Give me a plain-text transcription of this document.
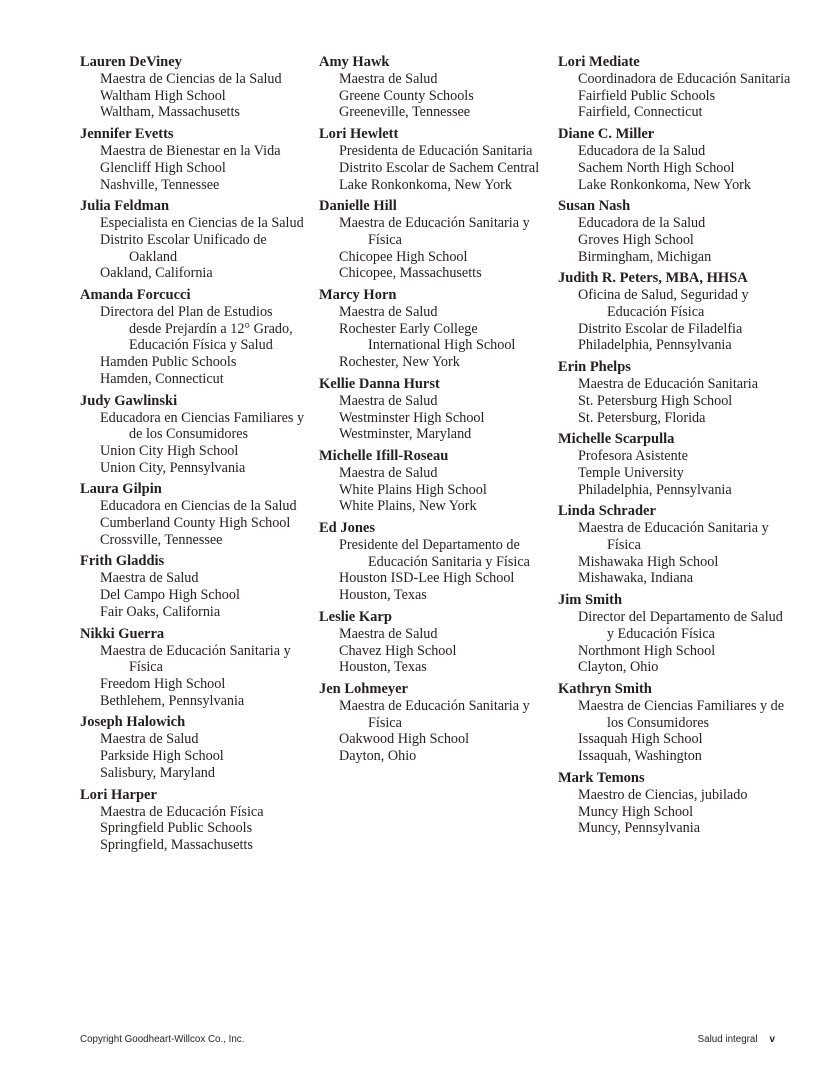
Lauren DeViney
Maestra de Ciencias de la Salud
Waltham High School
Waltham, Massachusetts
Jennifer Evetts
Maestra de Bienestar en la Vida
Glencliff High School
Nashville, Tennessee
Julia Feldman
Especialista en Ciencias de la Salud
Distrito Escolar Unificado de Oakland
Oakland, California
Amanda Forcucci
Directora del Plan de Estudios desde Prejardín a 12° Grado, Educación Física y Salud
Hamden Public Schools
Hamden, Connecticut
Judy Gawlinski
Educadora en Ciencias Familiares y de los Consumidores
Union City High School
Union City, Pennsylvania
Laura Gilpin
Educadora en Ciencias de la Salud
Cumberland County High School
Crossville, Tennessee
Frith Gladdis
Maestra de Salud
Del Campo High School
Fair Oaks, California
Nikki Guerra
Maestra de Educación Sanitaria y Física
Freedom High School
Bethlehem, Pennsylvania
Joseph Halowich
Maestra de Salud
Parkside High School
Salisbury, Maryland
Lori Harper
Maestra de Educación Física
Springfield Public Schools
Springfield, Massachusetts
Amy Hawk
Maestra de Salud
Greene County Schools
Greeneville, Tennessee
Lori Hewlett
Presidenta de Educación Sanitaria
Distrito Escolar de Sachem Central
Lake Ronkonkoma, New York
Danielle Hill
Maestra de Educación Sanitaria y Física
Chicopee High School
Chicopee, Massachusetts
Marcy Horn
Maestra de Salud
Rochester Early College International High School
Rochester, New York
Kellie Danna Hurst
Maestra de Salud
Westminster High School
Westminster, Maryland
Michelle Ifill-Roseau
Maestra de Salud
White Plains High School
White Plains, New York
Ed Jones
Presidente del Departamento de Educación Sanitaria y Física
Houston ISD-Lee High School
Houston, Texas
Leslie Karp
Maestra de Salud
Chavez High School
Houston, Texas
Jen Lohmeyer
Maestra de Educación Sanitaria y Física
Oakwood High School
Dayton, Ohio
Lori Mediate
Coordinadora de Educación Sanitaria
Fairfield Public Schools
Fairfield, Connecticut
Diane C. Miller
Educadora de la Salud
Sachem North High School
Lake Ronkonkoma, New York
Susan Nash
Educadora de la Salud
Groves High School
Birmingham, Michigan
Judith R. Peters, MBA, HHSA
Oficina de Salud, Seguridad y Educación Física
Distrito Escolar de Filadelfia
Philadelphia, Pennsylvania
Erin Phelps
Maestra de Educación Sanitaria
St. Petersburg High School
St. Petersburg, Florida
Michelle Scarpulla
Profesora Asistente
Temple University
Philadelphia, Pennsylvania
Linda Schrader
Maestra de Educación Sanitaria y Física
Mishawaka High School
Mishawaka, Indiana
Jim Smith
Director del Departamento de Salud y Educación Física
Northmont High School
Clayton, Ohio
Kathryn Smith
Maestra de Ciencias Familiares y de los Consumidores
Issaquah High School
Issaquah, Washington
Mark Temons
Maestro de Ciencias, jubilado
Muncy High School
Muncy, Pennsylvania
Copyright Goodheart-Willcox Co., Inc.	Salud integral v
